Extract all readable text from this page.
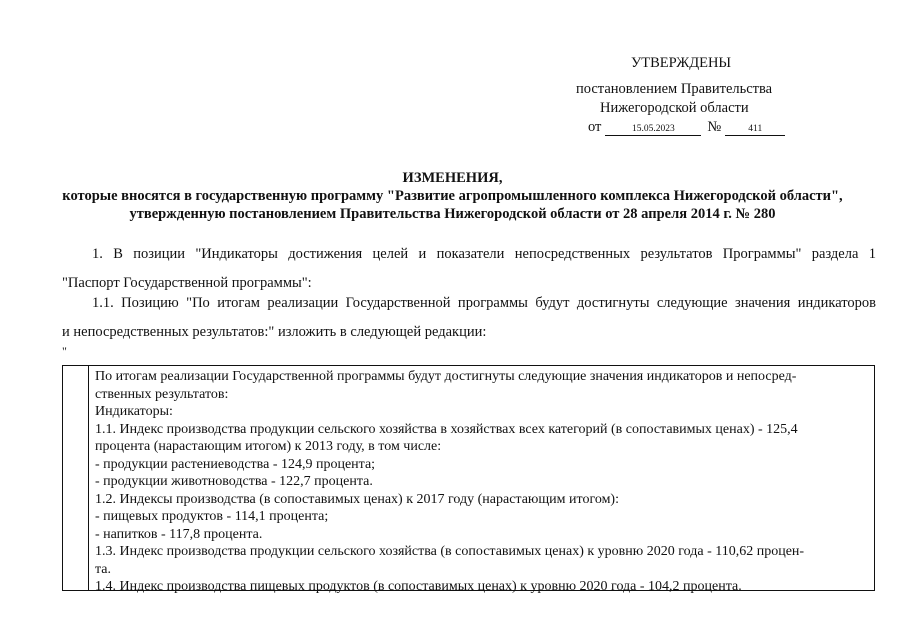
УТВЕРЖДЕНЫ
постановлением Правительства
Нижегородской области
от	15.05.2023	№	411
ИЗМЕНЕНИЯ,
которые вносятся в государственную программу "Развитие агропромышленного комплекса Нижегородской области",
утвержденную постановлением Правительства Нижегородской области от 28 апреля 2014 г. № 280
1. В позиции "Индикаторы достижения целей и показатели непосредственных результатов Программы" раздела 1
"Паспорт Государственной программы":
1.1. Позицию "По итогам реализации Государственной программы будут достигнуты следующие значения индикаторов
и непосредственных результатов:" изложить в следующей редакции:
"
По итогам реализации Государственной программы будут достигнуты следующие значения индикаторов и непосред-
ственных результатов:
Индикаторы:
1.1. Индекс производства продукции сельского хозяйства в хозяйствах всех категорий (в сопоставимых ценах) - 125,4
процента (нарастающим итогом) к 2013 году, в том числе:
- продукции растениеводства - 124,9 процента;
- продукции животноводства - 122,7 процента.
1.2. Индексы производства (в сопоставимых ценах) к 2017 году (нарастающим итогом):
- пищевых продуктов - 114,1 процента;
- напитков - 117,8 процента.
1.3. Индекс производства продукции сельского хозяйства (в сопоставимых ценах) к уровню 2020 года - 110,62 процен-
та.
1.4. Индекс производства пищевых продуктов (в сопоставимых ценах) к уровню 2020 года - 104,2 процента.
